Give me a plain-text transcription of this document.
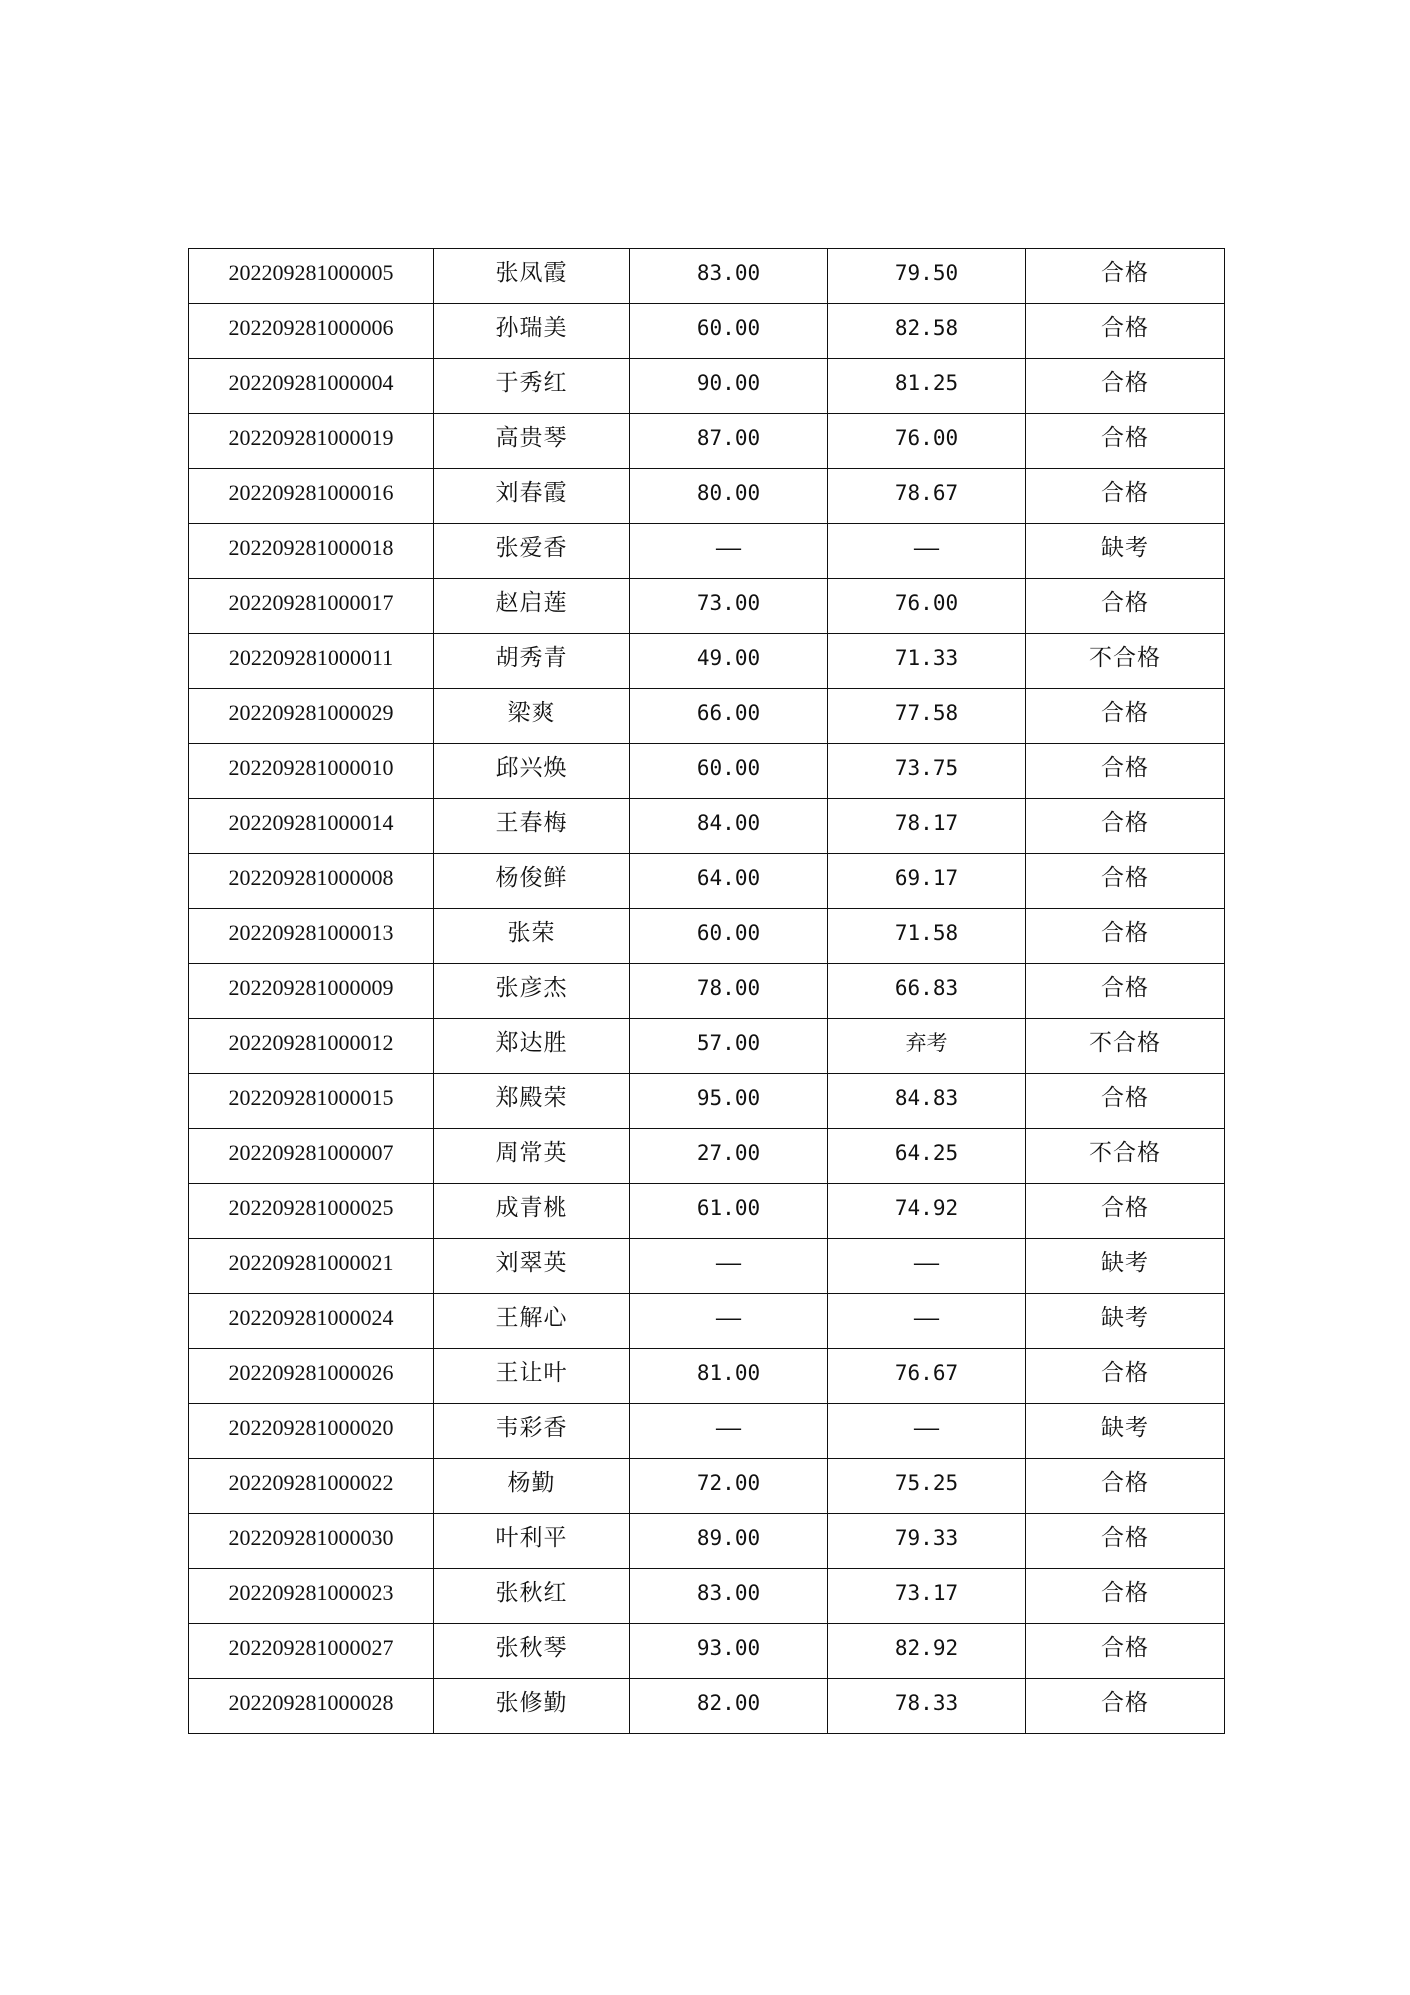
202209281000005	张凤霞	83.00	79.50	合格
202209281000006	孙瑞美	60.00	82.58	合格
202209281000004	于秀红	90.00	81.25	合格
202209281000019	高贵琴	87.00	76.00	合格
202209281000016	刘春霞	80.00	78.67	合格
202209281000018	张爱香	——	——	缺考
202209281000017	赵启莲	73.00	76.00	合格
202209281000011	胡秀青	49.00	71.33	不合格
202209281000029	梁爽	66.00	77.58	合格
202209281000010	邱兴焕	60.00	73.75	合格
202209281000014	王春梅	84.00	78.17	合格
202209281000008	杨俊鲜	64.00	69.17	合格
202209281000013	张荣	60.00	71.58	合格
202209281000009	张彦杰	78.00	66.83	合格
202209281000012	郑达胜	57.00	弃考	不合格
202209281000015	郑殿荣	95.00	84.83	合格
202209281000007	周常英	27.00	64.25	不合格
202209281000025	成青桃	61.00	74.92	合格
202209281000021	刘翠英	——	——	缺考
202209281000024	王解心	——	——	缺考
202209281000026	王让叶	81.00	76.67	合格
202209281000020	韦彩香	——	——	缺考
202209281000022	杨勤	72.00	75.25	合格
202209281000030	叶利平	89.00	79.33	合格
202209281000023	张秋红	83.00	73.17	合格
202209281000027	张秋琴	93.00	82.92	合格
202209281000028	张修勤	82.00	78.33	合格
